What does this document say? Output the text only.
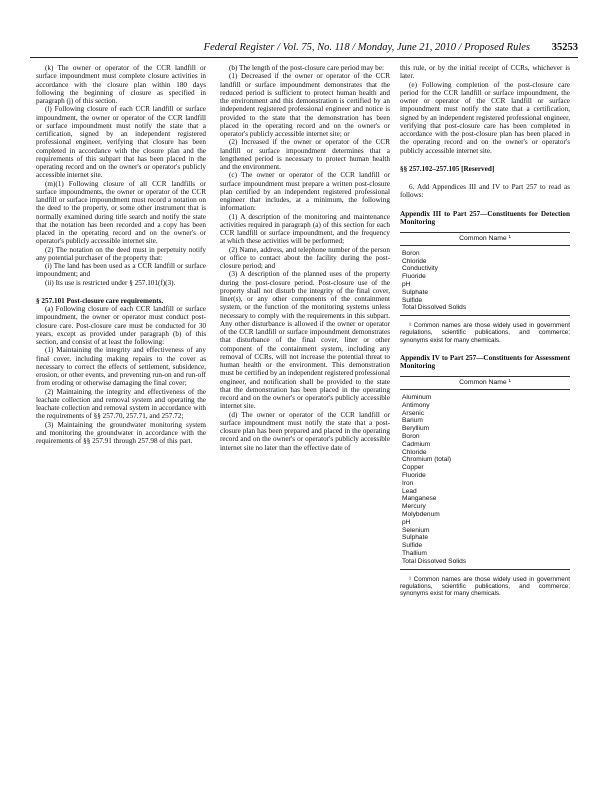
Federal Register / Vol. 75, No. 118 / Monday, June 21, 2010 / Proposed Rules 35253

(k) The owner or operator of the CCR landfill or surface impoundment must complete closure activities in accordance with the closure plan within 180 days following the beginning of closure as specified in paragraph (j) of this section.

(l) Following closure of each CCR landfill or surface impoundment, the owner or operator of the CCR landfill or surface impoundment must notify the state that a certification, signed by an independent registered professional engineer, verifying that closure has been completed in accordance with the closure plan and the requirements of this subpart that has been placed in the operating record and on the owner's or operator's publicly accessible internet site.

(m)(1) Following closure of all CCR landfills or surface impoundments, the owner or operator of the CCR landfill or surface impoundment must record a notation on the deed to the property, or some other instrument that is normally examined during title search and notify the state that the notation has been recorded and a copy has been placed in the operating record and on the owner's or operator's publicly accessible internet site.

(2) The notation on the deed must in perpetuity notify any potential purchaser of the property that:

(i) The land has been used as a CCR landfill or surface impoundment; and

(ii) Its use is restricted under § 257.101(f)(3).

§ 257.101 Post-closure care requirements.

(a) Following closure of each CCR landfill or surface impoundment, the owner or operator must conduct post-closure care. Post-closure care must be conducted for 30 years, except as provided under paragraph (b) of this section, and consist of at least the following:

(1) Maintaining the integrity and effectiveness of any final cover, including making repairs to the cover as necessary to correct the effects of settlement, subsidence, erosion, or other events, and preventing run-on and run-off from eroding or otherwise damaging the final cover;

(2) Maintaining the integrity and effectiveness of the leachate collection and removal system and operating the leachate collection and removal system in accordance with the requirements of §§ 257.70, 257.71, and 257.72;

(3) Maintaining the groundwater monitoring system and monitoring the groundwater in accordance with the requirements of §§ 257.91 through 257.98 of this part.

(b) The length of the post-closure care period may be:

(1) Decreased if the owner or operator of the CCR landfill or surface impoundment demonstrates that the reduced period is sufficient to protect human health and the environment and this demonstration is certified by an independent registered professional engineer and notice is provided to the state that the demonstration has been placed in the operating record and on the owner's or operator's publicly accessible internet site; or

(2) Increased if the owner or operator of the CCR landfill or surface impoundment determines that a lengthened period is necessary to protect human health and the environment.

(c) The owner or operator of the CCR landfill or surface impoundment must prepare a written post-closure plan certified by an independent registered professional engineer that includes, at a minimum, the following information:

(1) A description of the monitoring and maintenance activities required in paragraph (a) of this section for each CCR landfill or surface impoundment, and the frequency at which these activities will be performed;

(2) Name, address, and telephone number of the person or office to contact about the facility during the post-closure period; and

(3) A description of the planned uses of the property during the post-closure period. Post-closure use of the property shall not disturb the integrity of the final cover, liner(s), or any other components of the containment system, or the function of the monitoring systems unless necessary to comply with the requirements in this subpart. Any other disturbance is allowed if the owner or operator of the CCR landfill or surface impoundment demonstrates that disturbance of the final cover, liner or other component of the containment system, including any removal of CCRs, will not increase the potential threat to human health or the environment. This demonstration must be certified by an independent registered professional engineer, and notification shall be provided to the state that the demonstration has been placed in the operating record and on the owner's or operator's publicly accessible internet site.

(d) The owner or operator of the CCR landfill or surface impoundment must notify the state that a post-closure plan has been prepared and placed in the operating record and on the owner's or operator's publicly accessible internet site no later than the effective date of

this rule, or by the initial receipt of CCRs, whichever is later.

(e) Following completion of the post-closure care period for the CCR landfill or surface impoundment, the owner or operator of the CCR landfill or surface impoundment must notify the state that a certification, signed by an independent registered professional engineer, verifying that post-closure care has been completed in accordance with the post-closure plan has been placed in the operating record and on the owner's or operator's publicly accessible internet site.

§§ 257.102–257.105 [Reserved]

6. Add Appendices III and IV to Part 257 to read as follows:

Appendix III to Part 257—Constituents for Detection Monitoring

Common Name ¹
Boron
Chloride
Conductivity
Fluoride
pH
Sulphate
Sulfide
Total Dissolved Solids

¹ Common names are those widely used in government regulations, scientific publications, and commerce; synonyms exist for many chemicals.

Appendix IV to Part 257—Constituents for Assessment Monitoring

Common Name ¹
Aluminum
Antimony
Arsenic
Barium
Beryllium
Boron
Cadmium
Chloride
Chromium (total)
Copper
Fluoride
Iron
Lead
Manganese
Mercury
Molybdenum
pH
Selenium
Sulphate
Sulfide
Thallium
Total Dissolved Solids

¹ Common names are those widely used in government regulations, scientific publications, and commerce; synonyms exist for many chemicals.
